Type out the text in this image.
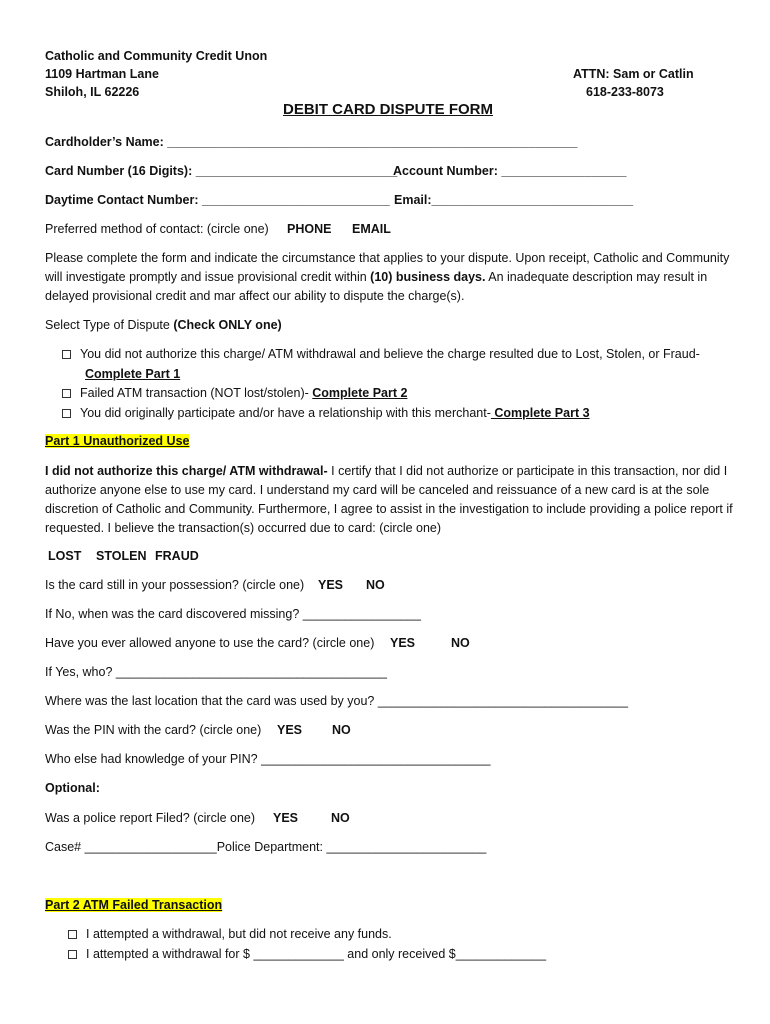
Catholic and Community Credit Unon
1109 Hartman Lane
Shiloh, IL 62226
ATTN: Sam or Catlin
618-233-8073
DEBIT CARD DISPUTE FORM
Cardholder’s Name: ___________________________________________________________
Card Number (16 Digits): _____________________________
Account Number: __________________
Daytime Contact Number: ___________________________ Email:_____________________________
Preferred method of contact: (circle one) PHONE EMAIL
Please complete the form and indicate the circumstance that applies to your dispute. Upon receipt, Catholic and Community will investigate promptly and issue provisional credit within (10) business days. An inadequate description may result in delayed provisional credit and mar affect our ability to dispute the charge(s).
Select Type of Dispute (Check ONLY one)
You did not authorize this charge/ ATM withdrawal and believe the charge resulted due to Lost, Stolen, or Fraud-
Complete Part 1
Failed ATM transaction (NOT lost/stolen)- Complete Part 2
You did originally participate and/or have a relationship with this merchant- Complete Part 3
Part 1 Unauthorized Use
I did not authorize this charge/ ATM withdrawal- I certify that I did not authorize or participate in this transaction, nor did I authorize anyone else to use my card. I understand my card will be canceled and reissuance of a new card is at the sole discretion of Catholic and Community. Furthermore, I agree to assist in the investigation to include providing a police report if requested. I believe the transaction(s) occurred due to card: (circle one)
LOST STOLEN FRAUD
Is the card still in your possession? (circle one) YES NO
If No, when was the card discovered missing? _________________
Have you ever allowed anyone to use the card? (circle one) YES	NO
If Yes, who? _______________________________________
Where was the last location that the card was used by you? ____________________________________
Was the PIN with the card? (circle one) YES NO
Who else had knowledge of your PIN? _________________________________
Optional:
Was a police report Filed? (circle one) YES	NO
Case# ___________________Police Department: _______________________
Part 2 ATM Failed Transaction
I attempted a withdrawal, but did not receive any funds.
I attempted a withdrawal for $ _____________ and only received $_____________
